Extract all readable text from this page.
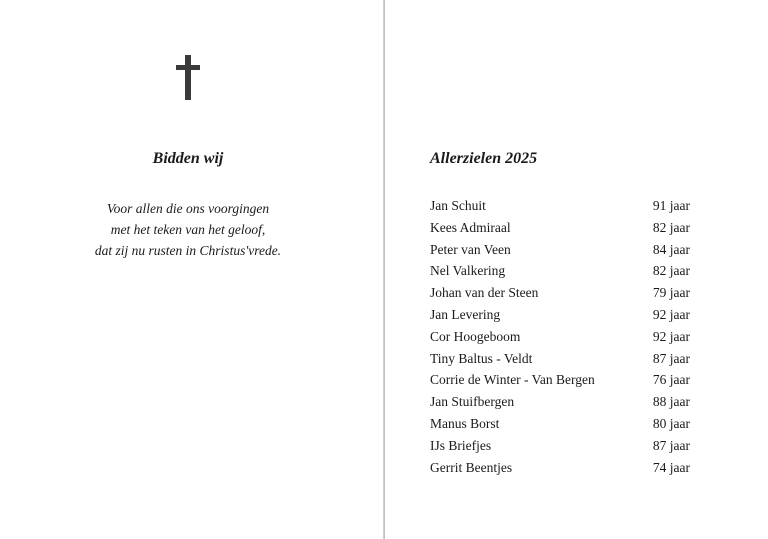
Bidden wij
Voor allen die ons voorgingen
met het teken van het geloof,
dat zij nu rusten in Christus'vrede.
Allerzielen 2025
Jan Schuit	91 jaar
Kees Admiraal	82 jaar
Peter van Veen	84 jaar
Nel Valkering	82 jaar
Johan van der Steen	79 jaar
Jan Levering	92 jaar
Cor Hoogeboom	92 jaar
Tiny Baltus - Veldt	87 jaar
Corrie de Winter - Van Bergen	76 jaar
Jan Stuifbergen	88 jaar
Manus Borst	80 jaar
IJs Briefjes	87 jaar
Gerrit Beentjes	74 jaar
